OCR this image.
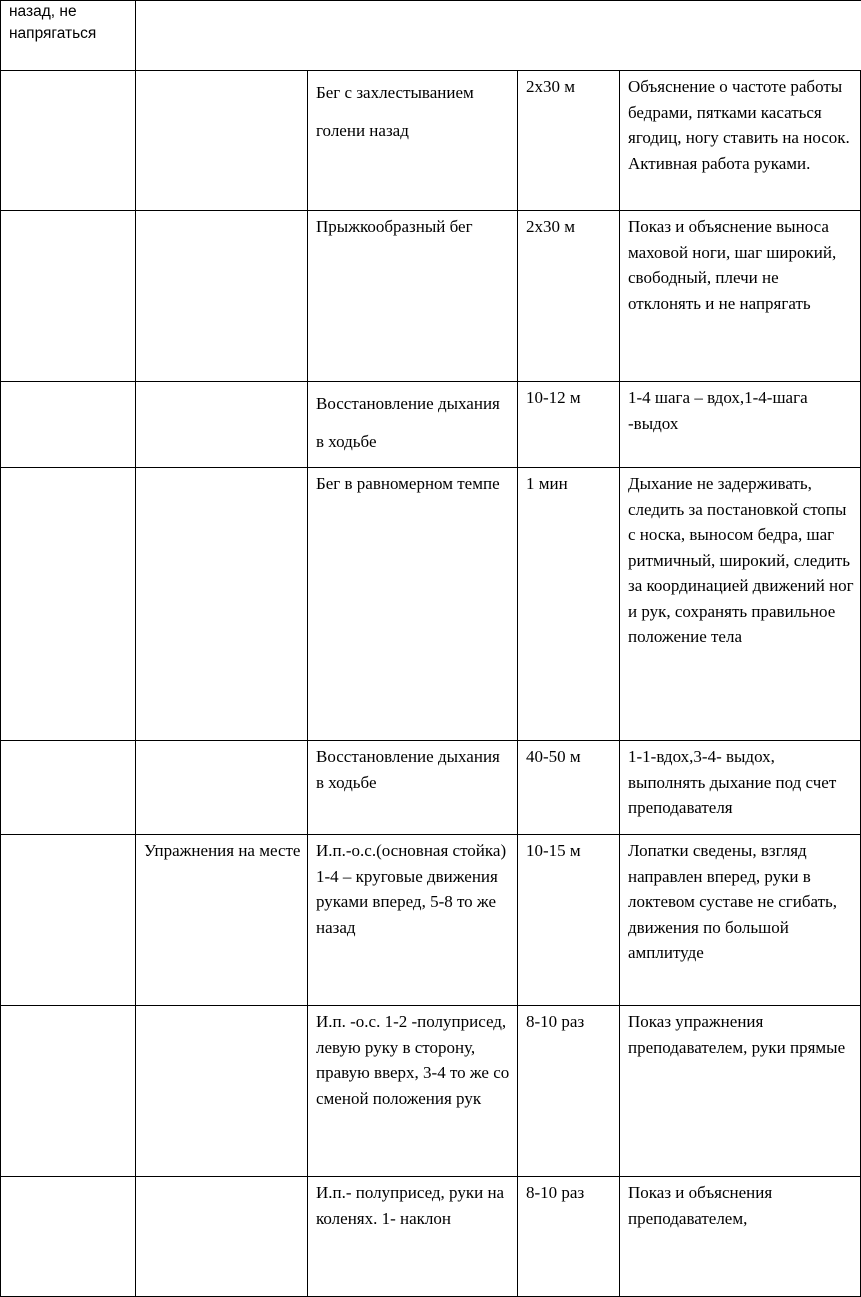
назад, не напрягаться				
		Бег с захлестыванием голени назад	2х30 м	Объяснение о частоте работы бедрами, пятками касаться ягодиц, ногу ставить на носок. Активная работа руками.
		Прыжкообразный бег	2х30 м	Показ и объяснение выноса маховой ноги, шаг широкий, свободный, плечи не отклонять и не напрягать
		Восстановление дыхания в ходьбе	10-12 м	1-4 шага – вдох,1-4-шага -выдох
		Бег в равномерном темпе	1 мин	Дыхание не задерживать, следить за постановкой стопы с носка, выносом бедра, шаг ритмичный, широкий, следить за координацией движений ног и рук, сохранять правильное положение тела
		Восстановление дыхания в ходьбе	40-50 м	1-1-вдох,3-4- выдох, выполнять дыхание под счет преподавателя
	Упражнения на месте	И.п.-о.с.(основная стойка) 1-4 – круговые движения руками вперед, 5-8 то же назад	10-15 м	Лопатки сведены, взгляд направлен вперед, руки в локтевом суставе не сгибать, движения по большой амплитуде
		И.п. -о.с. 1-2 -полуприсед, левую руку в сторону, правую вверх, 3-4 то же со сменой положения рук	8-10 раз	Показ упражнения преподавателем, руки прямые
		И.п.- полуприсед, руки на коленях. 1- наклон	8-10 раз	Показ и объяснения преподавателем,
